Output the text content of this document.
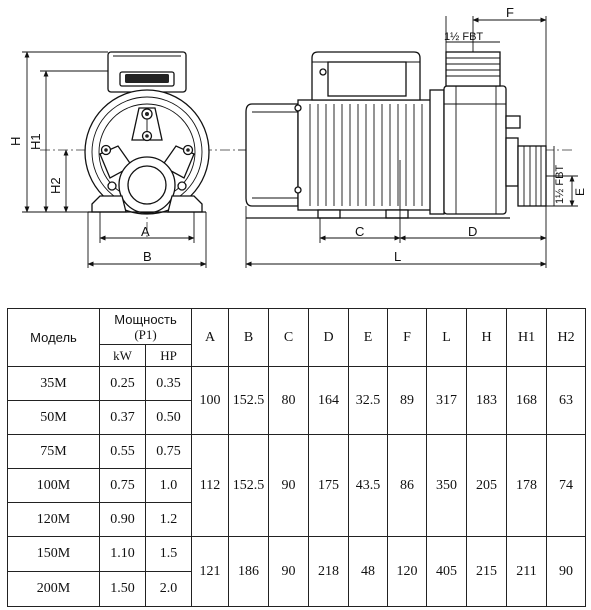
A
B
H H1
H2
C	D
L
F
1½ FBT
E
1½ FBT
Модель	Мощность
(P1)		A	B	C	D	E	F	L	H	H1	H2
	kW	HP										
35M	0.25	0.35	100	152.5	80	164	32.5	89	317	183	168	63
50M	0.37	0.50										
75M	0.55	0.75	112	152.5	90	175	43.5	86	350	205	178	74
100M	0.75	1.0										
120M	0.90	1.2										
150M	1.10	1.5	121	186	90	218	48	120	405	215	211	90
200M	1.50	2.0										
